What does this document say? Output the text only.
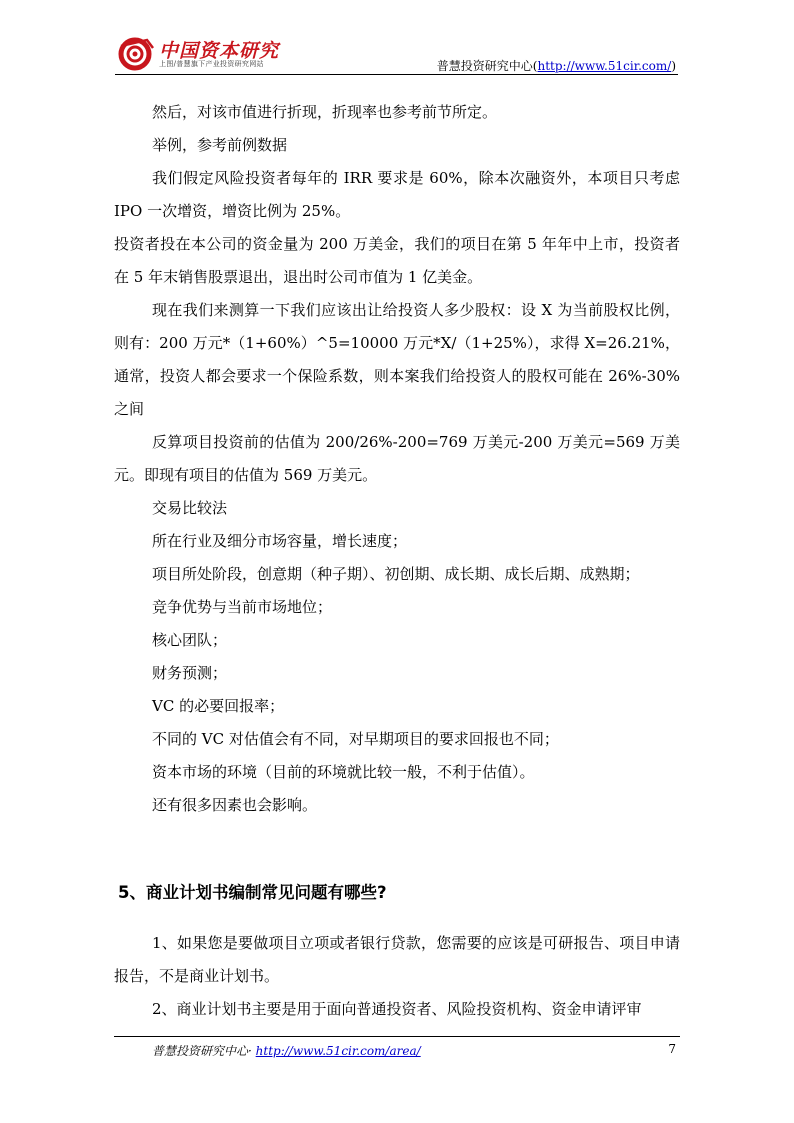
中国资本研究
上图/普慧旗下产业投资研究网站	普慧投资研究中心(http://www.51cir.com/)

然后，对该市值进行折现，折现率也参考前节所定。

举例，参考前例数据

我们假定风险投资者每年的 IRR 要求是 60%，除本次融资外，本项目只考虑 IPO 一次增资，增资比例为 25%。

投资者投在本公司的资金量为 200 万美金，我们的项目在第 5 年年中上市，投资者在 5 年末销售股票退出，退出时公司市值为 1 亿美金。

现在我们来测算一下我们应该出让给投资人多少股权：设 X 为当前股权比例，则有：200 万元*（1+60%）^5=10000 万元*X/（1+25%），求得 X=26.21%，通常，投资人都会要求一个保险系数，则本案我们给投资人的股权可能在 26%-30%之间

反算项目投资前的估值为 200/26%-200=769 万美元-200 万美元=569 万美元。即现有项目的估值为 569 万美元。

交易比较法

所在行业及细分市场容量，增长速度；

项目所处阶段，创意期（种子期）、初创期、成长期、成长后期、成熟期；

竞争优势与当前市场地位；

核心团队；

财务预测；

VC 的必要回报率；

不同的 VC 对估值会有不同，对早期项目的要求回报也不同；

资本市场的环境（目前的环境就比较一般，不利于估值）。

还有很多因素也会影响。

5、商业计划书编制常见问题有哪些?

1、如果您是要做项目立项或者银行贷款，您需要的应该是可研报告、项目申请报告，不是商业计划书。

2、商业计划书主要是用于面向普通投资者、风险投资机构、资金申请评审

普慧投资研究中心· http://www.51cir.com/area/	7
